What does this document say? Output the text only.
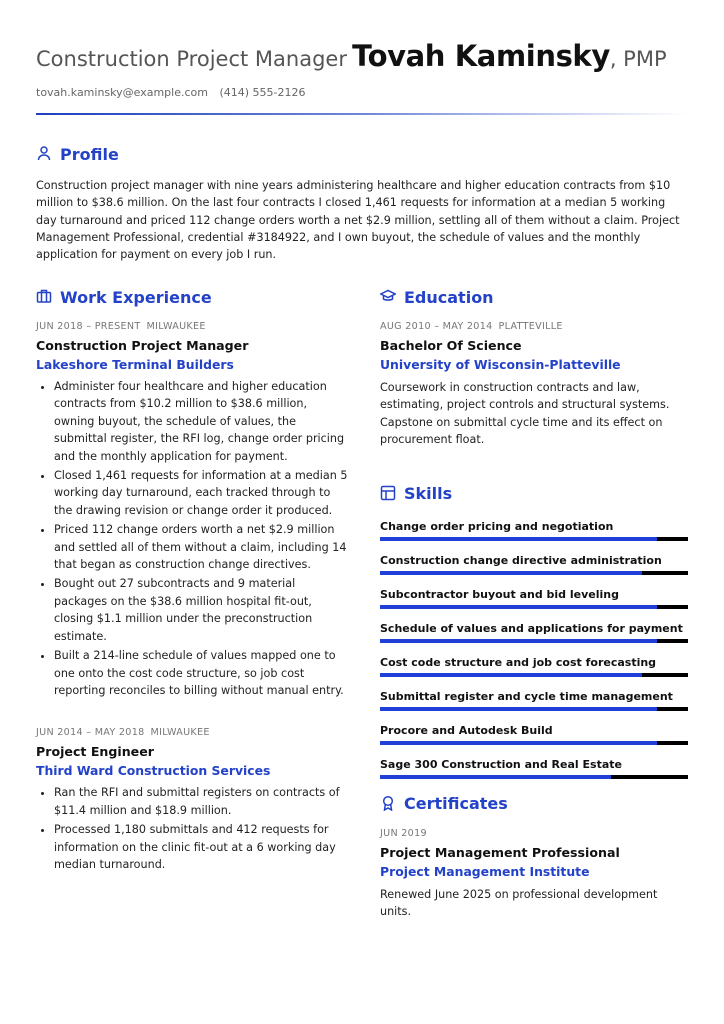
Construction Project Manager Tovah Kaminsky, PMP
tovah.kaminsky@example.com (414) 555-2126
Profile
Construction project manager with nine years administering healthcare and higher education contracts from $10 million to $38.6 million. On the last four contracts I closed 1,461 requests for information at a median 5 working day turnaround and priced 112 change orders worth a net $2.9 million, settling all of them without a claim. Project Management Professional, credential #3184922, and I own buyout, the schedule of values and the monthly application for payment on every job I run.
Work Experience
JUN 2018 – PRESENT MILWAUKEE
Construction Project Manager
Lakeshore Terminal Builders
• Administer four healthcare and higher education contracts from $10.2 million to $38.6 million, owning buyout, the schedule of values, the submittal register, the RFI log, change order pricing and the monthly application for payment.
• Closed 1,461 requests for information at a median 5 working day turnaround, each tracked through to the drawing revision or change order it produced.
• Priced 112 change orders worth a net $2.9 million and settled all of them without a claim, including 14 that began as construction change directives.
• Bought out 27 subcontracts and 9 material packages on the $38.6 million hospital fit-out, closing $1.1 million under the preconstruction estimate.
• Built a 214-line schedule of values mapped one to one onto the cost code structure, so job cost reporting reconciles to billing without manual entry.
JUN 2014 – MAY 2018 MILWAUKEE
Project Engineer
Third Ward Construction Services
• Ran the RFI and submittal registers on contracts of $11.4 million and $18.9 million.
• Processed 1,180 submittals and 412 requests for information on the clinic fit-out at a 6 working day median turnaround.
Education
AUG 2010 – MAY 2014 PLATTEVILLE
Bachelor Of Science
University of Wisconsin-Platteville
Coursework in construction contracts and law, estimating, project controls and structural systems. Capstone on submittal cycle time and its effect on procurement float.
Skills
Change order pricing and negotiation
Construction change directive administration
Subcontractor buyout and bid leveling
Schedule of values and applications for payment
Cost code structure and job cost forecasting
Submittal register and cycle time management
Procore and Autodesk Build
Sage 300 Construction and Real Estate
Certificates
JUN 2019
Project Management Professional
Project Management Institute
Renewed June 2025 on professional development units.
